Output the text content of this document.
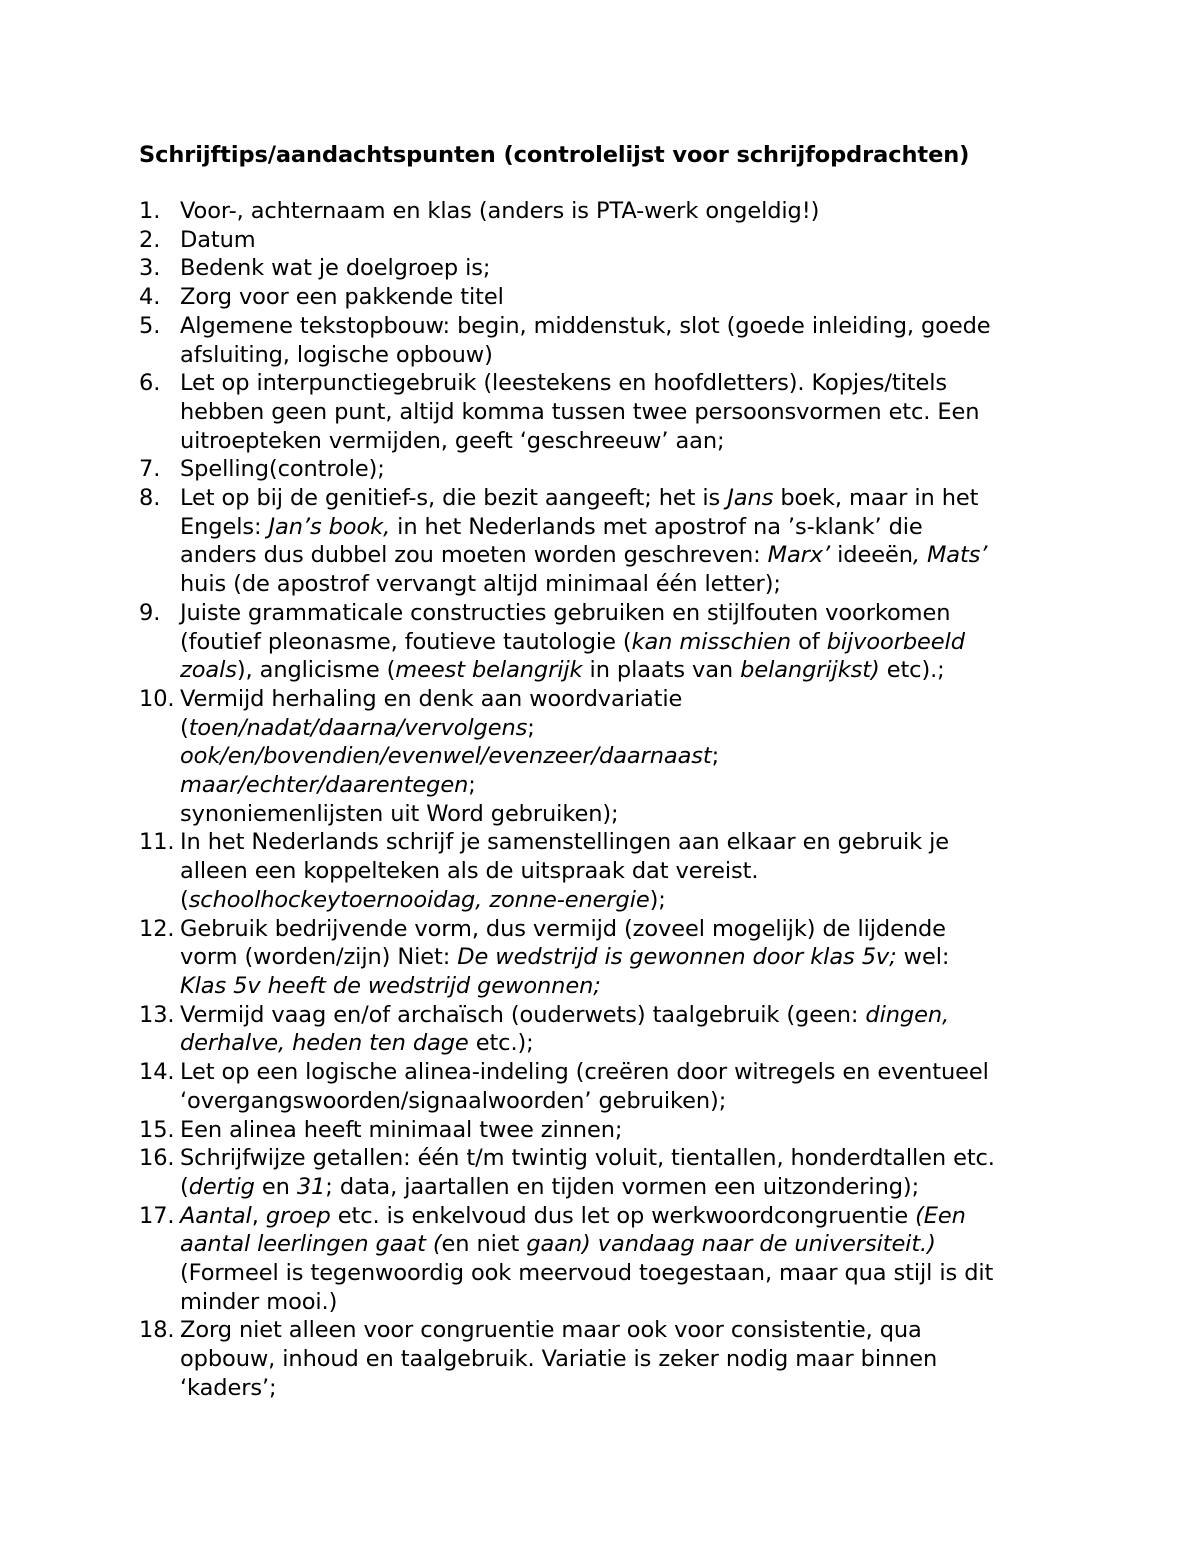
Schrijftips/aandachtspunten (controlelijst voor schrijfopdrachten)
1. Voor-, achternaam en klas (anders is PTA-werk ongeldig!)
2. Datum
3. Bedenk wat je doelgroep is;
4. Zorg voor een pakkende titel
5. Algemene tekstopbouw: begin, middenstuk, slot (goede inleiding, goede
afsluiting, logische opbouw)
6. Let op interpunctiegebruik (leestekens en hoofdletters). Kopjes/titels
hebben geen punt, altijd komma tussen twee persoonsvormen etc. Een
uitroepteken vermijden, geeft ‘geschreeuw’ aan;
7. Spelling(controle);
8. Let op bij de genitief-s, die bezit aangeeft; het is Jans boek, maar in het
Engels: Jan’s book, in het Nederlands met apostrof na ’s-klank’ die
anders dus dubbel zou moeten worden geschreven: Marx’ ideeën, Mats’
huis (de apostrof vervangt altijd minimaal één letter);
9. Juiste grammaticale constructies gebruiken en stijlfouten voorkomen
(foutief pleonasme, foutieve tautologie (kan misschien of bijvoorbeeld
zoals), anglicisme (meest belangrijk in plaats van belangrijkst) etc).;
10. Vermijd herhaling en denk aan woordvariatie
(toen/nadat/daarna/vervolgens;
ook/en/bovendien/evenwel/evenzeer/daarnaast;
maar/echter/daarentegen;
synoniemenlijsten uit Word gebruiken);
11. In het Nederlands schrijf je samenstellingen aan elkaar en gebruik je
alleen een koppelteken als de uitspraak dat vereist.
(schoolhockeytoernooidag, zonne-energie);
12. Gebruik bedrijvende vorm, dus vermijd (zoveel mogelijk) de lijdende
vorm (worden/zijn) Niet: De wedstrijd is gewonnen door klas 5v; wel:
Klas 5v heeft de wedstrijd gewonnen;
13. Vermijd vaag en/of archaïsch (ouderwets) taalgebruik (geen: dingen,
derhalve, heden ten dage etc.);
14. Let op een logische alinea-indeling (creëren door witregels en eventueel
‘overgangswoorden/signaalwoorden’ gebruiken);
15. Een alinea heeft minimaal twee zinnen;
16. Schrijfwijze getallen: één t/m twintig voluit, tientallen, honderdtallen etc.
(dertig en 31; data, jaartallen en tijden vormen een uitzondering);
17. Aantal, groep etc. is enkelvoud dus let op werkwoordcongruentie (Een
aantal leerlingen gaat (en niet gaan) vandaag naar de universiteit.)
(Formeel is tegenwoordig ook meervoud toegestaan, maar qua stijl is dit
minder mooi.)
18. Zorg niet alleen voor congruentie maar ook voor consistentie, qua
opbouw, inhoud en taalgebruik. Variatie is zeker nodig maar binnen
‘kaders’;
